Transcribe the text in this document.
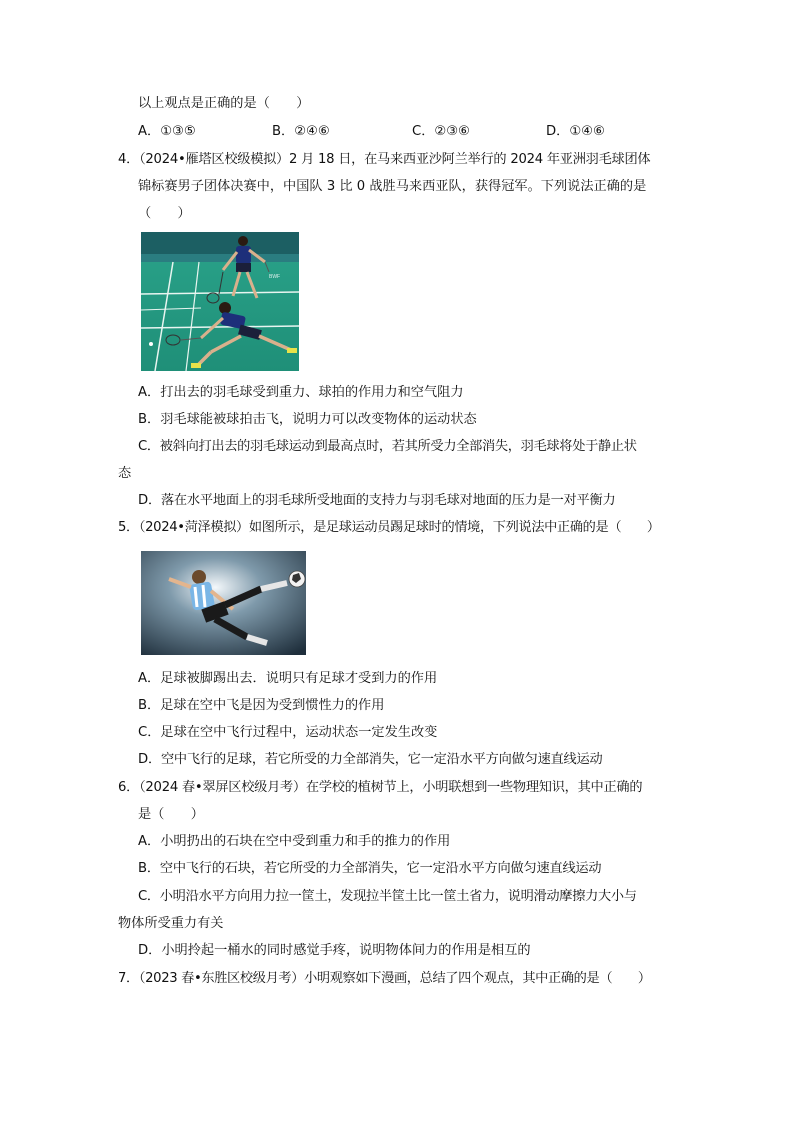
以上观点是正确的是（　　）
A．①③⑤	B．②④⑥	C．②③⑥	D．①④⑥
4．（2024•雁塔区校级模拟）2 月 18 日，在马来西亚沙阿兰举行的 2024 年亚洲羽毛球团体
锦标赛男子团体决赛中，中国队 3 比 0 战胜马来西亚队，获得冠军。下列说法正确的是
（　　）
BWF
A．打出去的羽毛球受到重力、球拍的作用力和空气阻力
B．羽毛球能被球拍击飞，说明力可以改变物体的运动状态
C．被斜向打出去的羽毛球运动到最高点时，若其所受力全部消失，羽毛球将处于静止状
态
D．落在水平地面上的羽毛球所受地面的支持力与羽毛球对地面的压力是一对平衡力
5．（2024•菏泽模拟）如图所示，是足球运动员踢足球时的情境，下列说法中正确的是（　　）
A．足球被脚踢出去．说明只有足球才受到力的作用
B．足球在空中飞是因为受到惯性力的作用
C．足球在空中飞行过程中，运动状态一定发生改变
D．空中飞行的足球，若它所受的力全部消失，它一定沿水平方向做匀速直线运动
6．（2024 春•翠屏区校级月考）在学校的植树节上，小明联想到一些物理知识，其中正确的
是（　　）
A．小明扔出的石块在空中受到重力和手的推力的作用
B．空中飞行的石块，若它所受的力全部消失，它一定沿水平方向做匀速直线运动
C．小明沿水平方向用力拉一筐土，发现拉半筐土比一筐土省力，说明滑动摩擦力大小与
物体所受重力有关
D．小明拎起一桶水的同时感觉手疼，说明物体间力的作用是相互的
7．（2023 春•东胜区校级月考）小明观察如下漫画，总结了四个观点，其中正确的是（　　）
